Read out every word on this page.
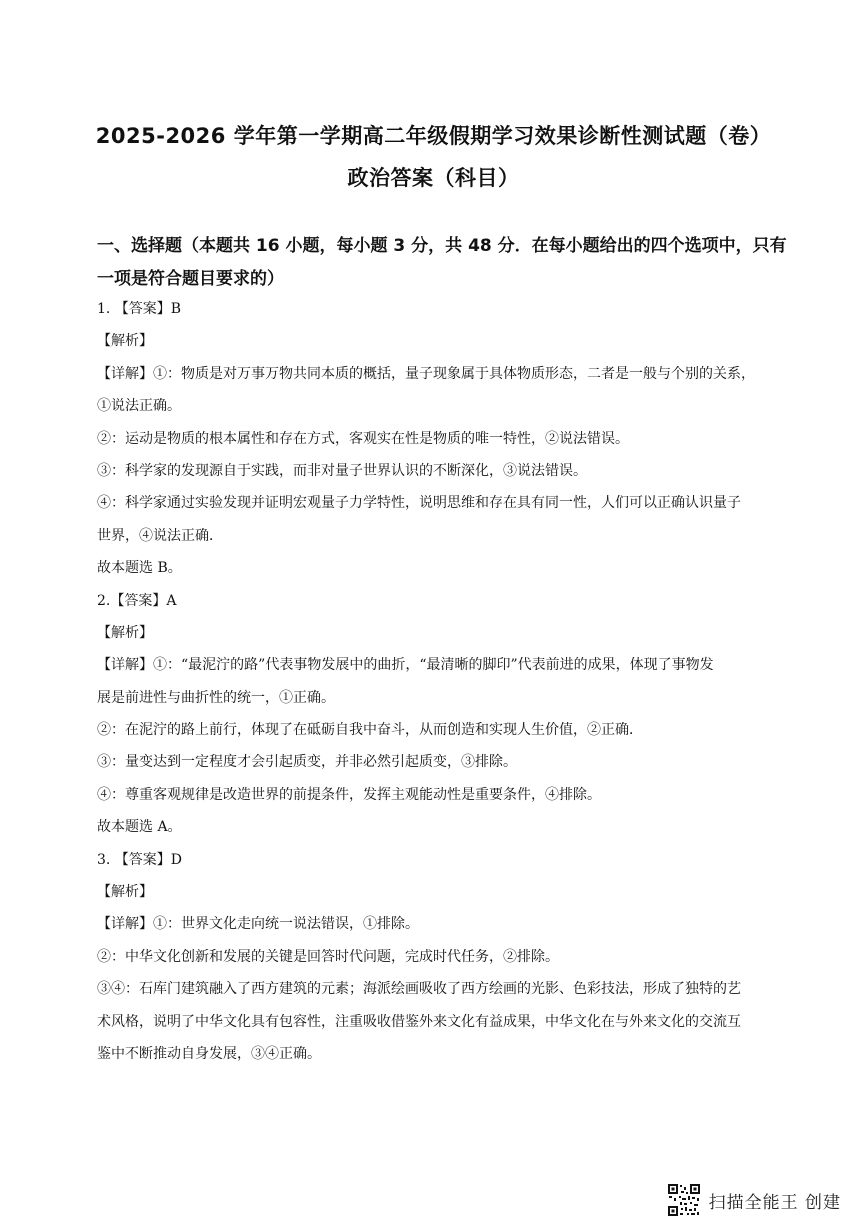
2025-2026 学年第一学期高二年级假期学习效果诊断性测试题（卷）
政治答案（科目）
一、选择题（本题共 16 小题，每小题 3 分，共 48 分．在每小题给出的四个选项中，只有一项是符合题目要求的）
1. 【答案】B
【解析】
【详解】①：物质是对万事万物共同本质的概括，量子现象属于具体物质形态，二者是一般与个别的关系，
①说法正确。
②：运动是物质的根本属性和存在方式，客观实在性是物质的唯一特性，②说法错误。
③：科学家的发现源自于实践，而非对量子世界认识的不断深化，③说法错误。
④：科学家通过实验发现并证明宏观量子力学特性，说明思维和存在具有同一性，人们可以正确认识量子
世界，④说法正确．
故本题选 B。
2.【答案】A
【解析】
【详解】①：“最泥泞的路”代表事物发展中的曲折，“最清晰的脚印”代表前进的成果，体现了事物发
展是前进性与曲折性的统一，①正确。
②：在泥泞的路上前行，体现了在砥砺自我中奋斗，从而创造和实现人生价值，②正确．
③：量变达到一定程度才会引起质变，并非必然引起质变，③排除。
④：尊重客观规律是改造世界的前提条件，发挥主观能动性是重要条件，④排除。
故本题选 A。
3. 【答案】D
【解析】
【详解】①：世界文化走向统一说法错误，①排除。
②：中华文化创新和发展的关键是回答时代问题，完成时代任务，②排除。
③④：石库门建筑融入了西方建筑的元素；海派绘画吸收了西方绘画的光影、色彩技法，形成了独特的艺
术风格，说明了中华文化具有包容性，注重吸收借鉴外来文化有益成果，中华文化在与外来文化的交流互
鉴中不断推动自身发展，③④正确。
扫描全能王 创建
